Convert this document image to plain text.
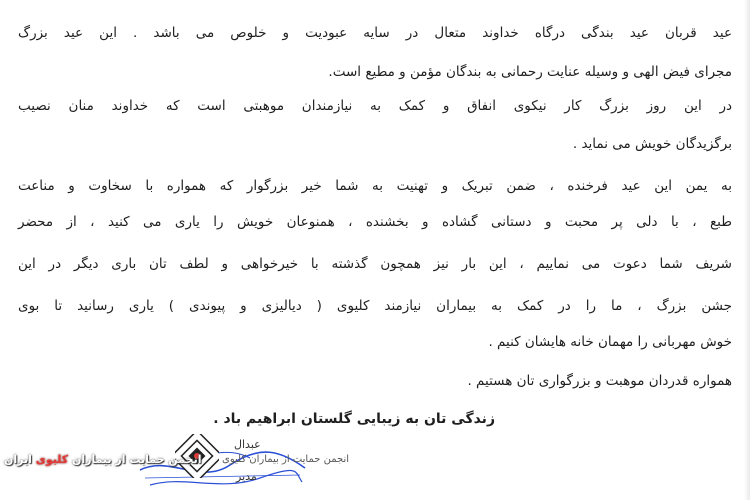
عید قربان عید بندگی درگاه خداوند متعال در سایه عبودیت و خلوص می باشد . این عید بزرگ
مجرای فیض الهی و وسیله عنایت رحمانی به بندگان مؤمن و مطیع است.
در این روز بزرگ کار نیکوی انفاق و کمک به نیازمندان موهبتی است که خداوند منان نصیب
برگزیدگان خویش می نماید .
به یمن این عید فرخنده ، ضمن تبریک و تهنیت به شما خیر بزرگوار که همواره با سخاوت و مناعت
طبع ، با دلی پر محبت و دستانی گشاده و بخشنده ، همنوعان خویش را یاری می کنید ، از محضر
شریف شما دعوت می نماییم ، این بار نیز همچون گذشته با خیرخواهی و لطف تان باری دیگر در این
جشن بزرگ ، ما را در کمک به بیماران نیازمند کلیوی ( دیالیزی و پیوندی ) یاری رسانید تا بوی
خوش مهربانی را مهمان خانه هایشان کنیم .
همواره قدردان موهبت و بزرگواری تان هستیم .
زندگی تان به زیبایی گلستان ابراهیم باد .
عبدال
مدیر
انجمن حمایت از بیماران کلیوی
انجمن حمایت از بیماران کلیوی ایران
